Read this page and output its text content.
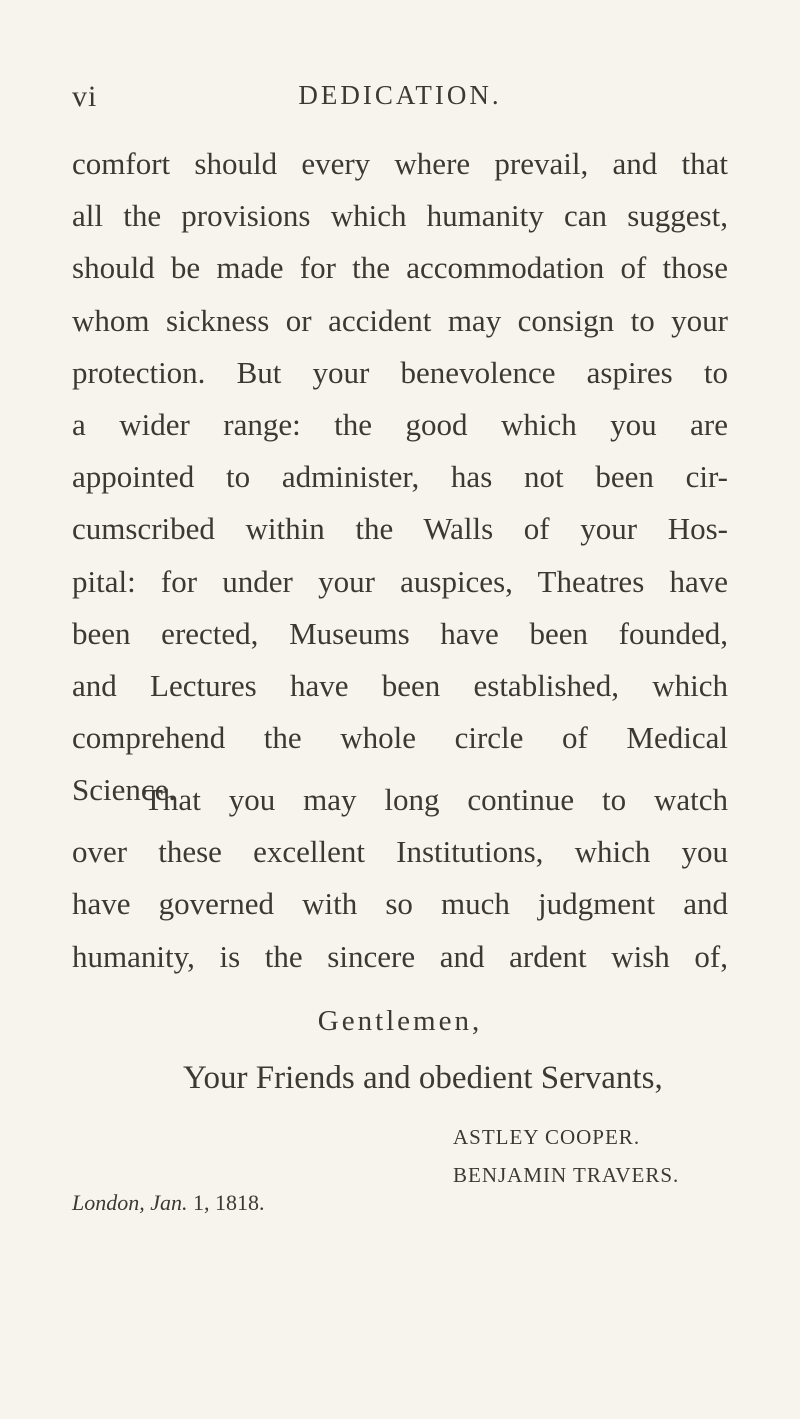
vi	DEDICATION.
comfort should every where prevail, and that
all the provisions which humanity can suggest,
should be made for the accommodation of those
whom sickness or accident may consign to your
protection. But your benevolence aspires to
a wider range: the good which you are
appointed to administer, has not been cir-
cumscribed within the Walls of your Hos-
pital: for under your auspices, Theatres have
been erected, Museums have been founded,
and Lectures have been established, which
comprehend the whole circle of Medical
Science.
That you may long continue to watch
over these excellent Institutions, which you
have governed with so much judgment and
humanity, is the sincere and ardent wish of,
Gentlemen,
Your Friends and obedient Servants,
ASTLEY COOPER.
BENJAMIN TRAVERS.
London, Jan. 1, 1818.
